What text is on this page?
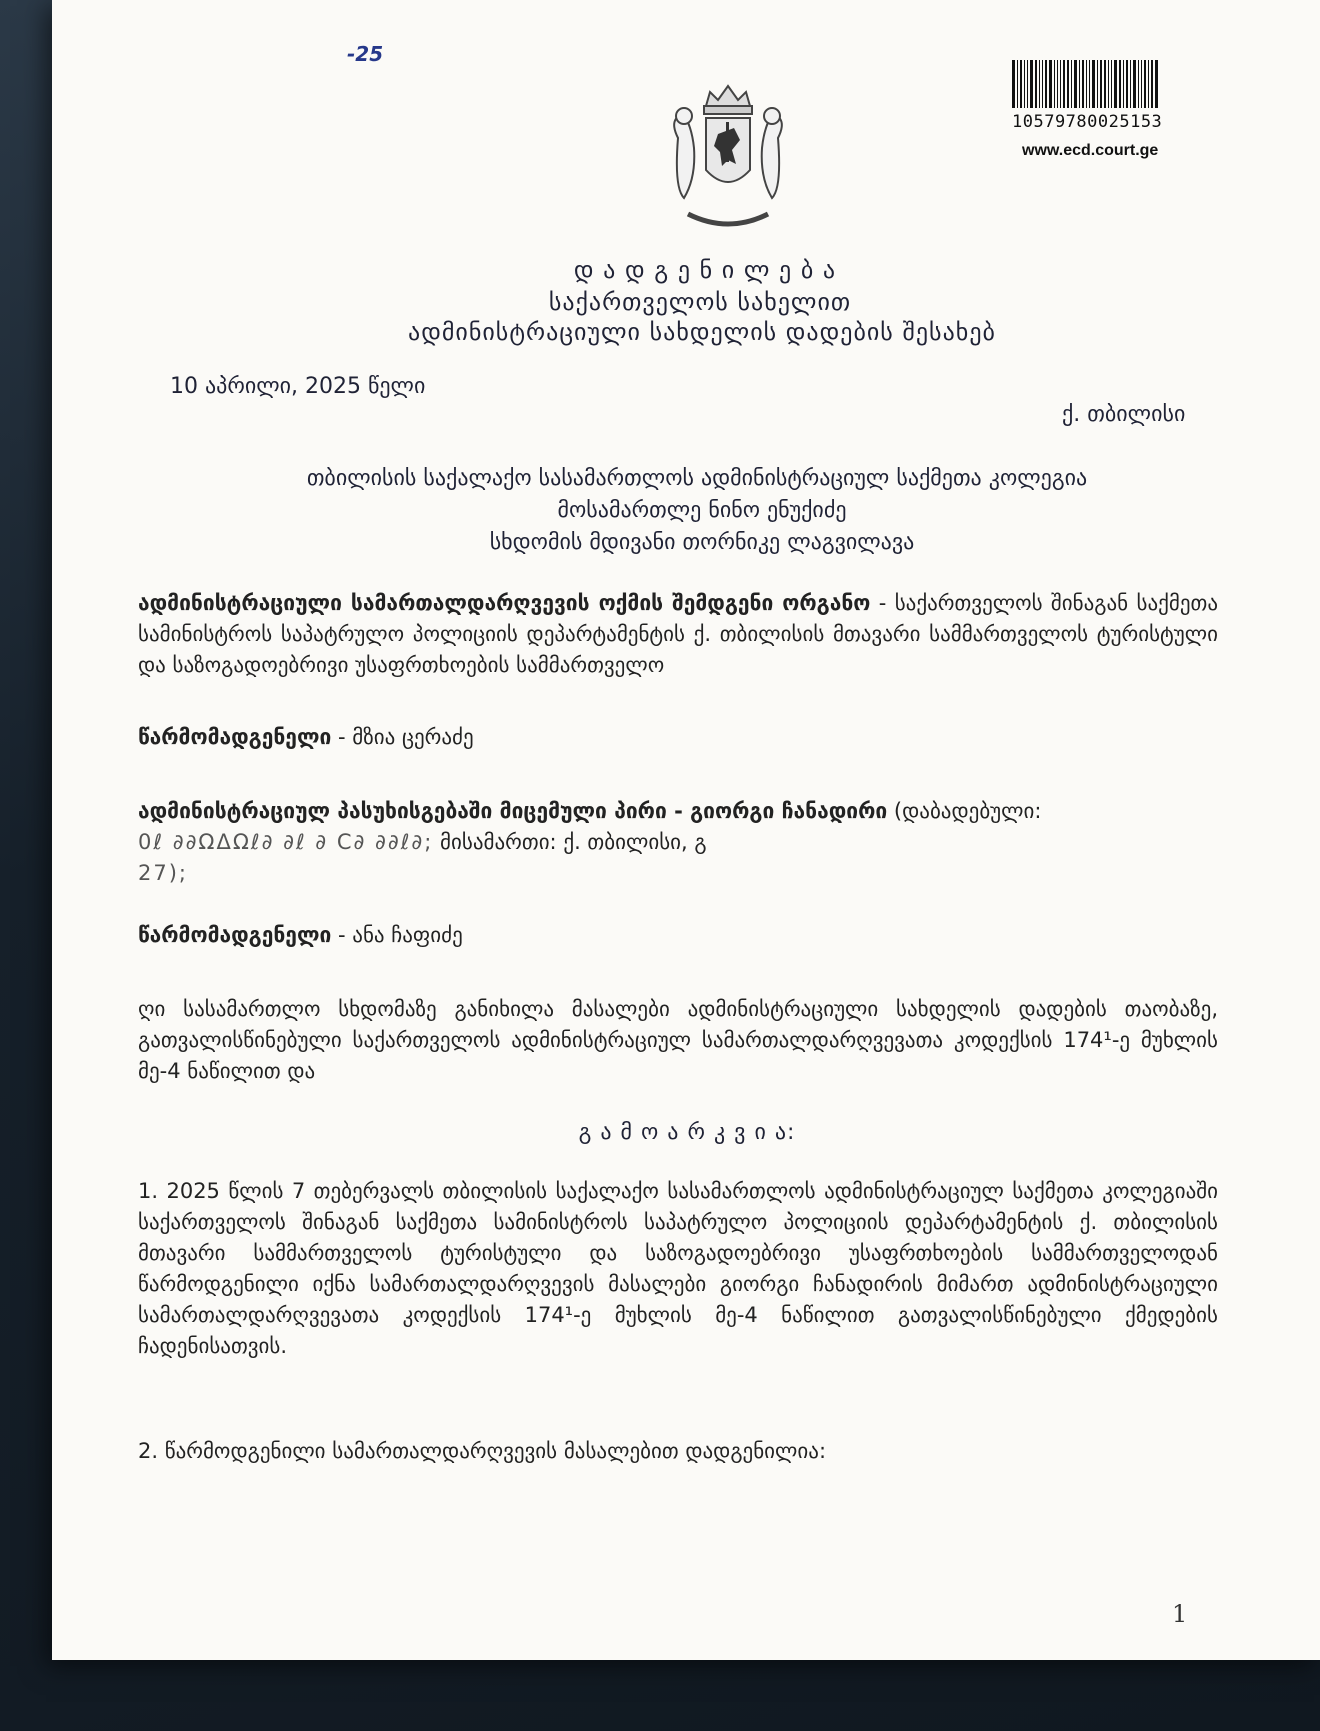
-25
10579780025153
www.ecd.court.ge
დ ა დ გ ე ნ ი ლ ე ბ ა
საქართველოს სახელით
ადმინისტრაციული სახდელის დადების შესახებ
10 აპრილი, 2025 წელი
ქ. თბილისი
თბილისის საქალაქო სასამართლოს ადმინისტრაციულ საქმეთა კოლეგია
მოსამართლე ნინო ენუქიძე
სხდომის მდივანი თორნიკე ლაგვილავა
ადმინისტრაციული სამართალდარღვევის ოქმის შემდგენი ორგანო - საქართველოს შინაგან საქმეთა სამინისტროს საპატრულო პოლიციის დეპარტამენტის ქ. თბილისის მთავარი სამმართველოს ტურისტული და საზოგადოებრივი უსაფრთხოების სამმართველო
წარმომადგენელი - მზია ცერაძე
ადმინისტრაციულ პასუხისგებაში მიცემული პირი - გიორგი ჩანადირი (დაბადებული:
0ℓ ∂∂ΩΔΩℓ∂ ∂ℓ ∂ C∂ ∂∂ℓ∂; მისამართი: ქ. თბილისი, გ
27);
წარმომადგენელი - ანა ჩაფიძე
ღი სასამართლო სხდომაზე განიხილა მასალები ადმინისტრაციული სახდელის დადების თაობაზე, გათვალისწინებული საქართველოს ადმინისტრაციულ სამართალდარღვევათა კოდექსის 174¹-ე მუხლის მე-4 ნაწილით და
გ ა მ ო ა რ კ ვ ი ა:
1. 2025 წლის 7 თებერვალს თბილისის საქალაქო სასამართლოს ადმინისტრაციულ საქმეთა კოლეგიაში საქართველოს შინაგან საქმეთა სამინისტროს საპატრულო პოლიციის დეპარტამენტის ქ. თბილისის მთავარი სამმართველოს ტურისტული და საზოგადოებრივი უსაფრთხოების სამმართველოდან წარმოდგენილი იქნა სამართალდარღვევის მასალები გიორგი ჩანადირის მიმართ ადმინისტრაციული სამართალდარღვევათა კოდექსის 174¹-ე მუხლის მე-4 ნაწილით გათვალისწინებული ქმედების ჩადენისათვის.
2. წარმოდგენილი სამართალდარღვევის მასალებით დადგენილია:
1
